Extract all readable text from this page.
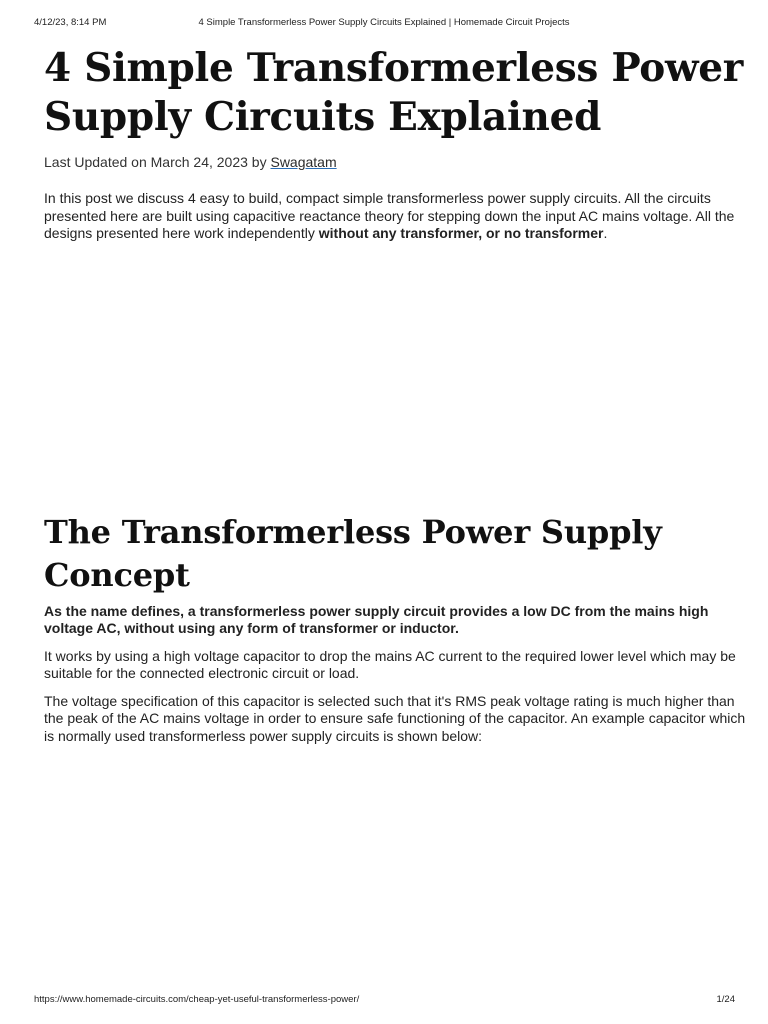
4/12/23, 8:14 PM	4 Simple Transformerless Power Supply Circuits Explained | Homemade Circuit Projects
4 Simple Transformerless Power Supply Circuits Explained
Last Updated on March 24, 2023 by Swagatam

In this post we discuss 4 easy to build, compact simple transformerless power supply circuits. All the circuits presented here are built using capacitive reactance theory for stepping down the input AC mains voltage. All the designs presented here work independently without any transformer, or no transformer.

The Transformerless Power Supply Concept

As the name defines, a transformerless power supply circuit provides a low DC from the mains high voltage AC, without using any form of transformer or inductor.

It works by using a high voltage capacitor to drop the mains AC current to the required lower level which may be suitable for the connected electronic circuit or load.

The voltage specification of this capacitor is selected such that it's RMS peak voltage rating is much higher than the peak of the AC mains voltage in order to ensure safe functioning of the capacitor. An example capacitor which is normally used transformerless power supply circuits is shown below:

https://www.homemade-circuits.com/cheap-yet-useful-transformerless-power/	1/24
